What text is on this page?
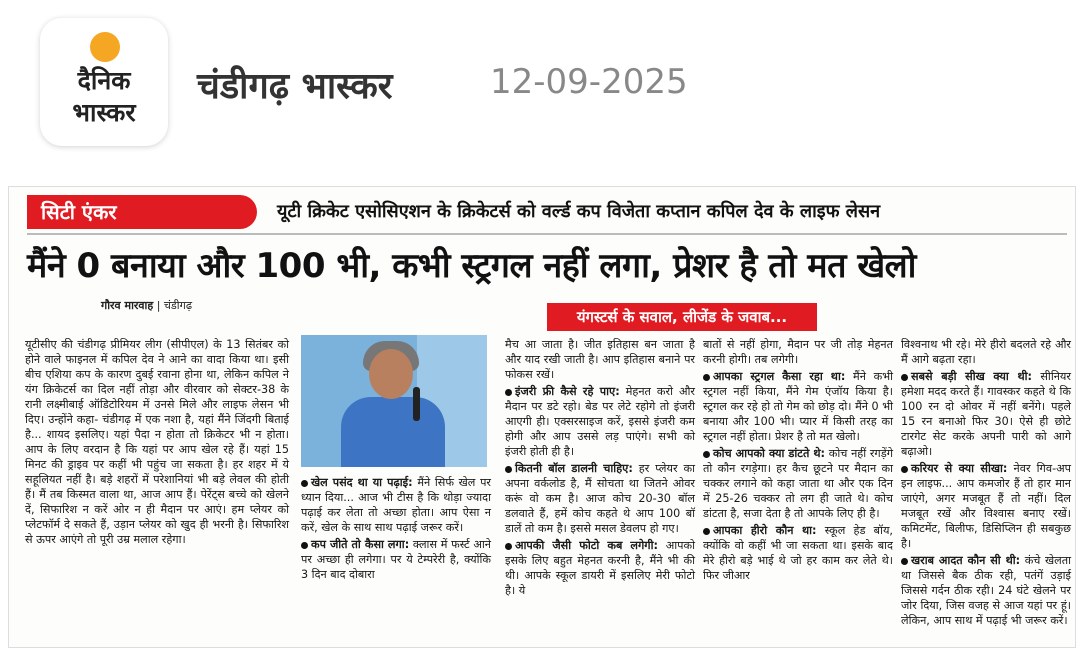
दैनिक
भास्कर
चंडीगढ़ भास्कर	12-09-2025
सिटी एंकर	यूटी क्रिकेट एसोसिएशन के क्रिकेटर्स को वर्ल्ड कप विजेता कप्तान कपिल देव के लाइफ लेसन
मैंने 0 बनाया और 100 भी, कभी स्ट्रगल नहीं लगा, प्रेशर है तो मत खेलो
गौरव मारवाह | चंडीगढ़
यंगस्टर्स के सवाल, लीजेंड के जवाब...

यूटीसीए की चंडीगढ़ प्रीमियर लीग (सीपीएल) के 13 सितंबर को होने वाले फाइनल में कपिल देव ने आने का वादा किया था। इसी बीच एशिया कप के कारण दुबई रवाना होना था, लेकिन कपिल ने यंग क्रिकेटर्स का दिल नहीं तोड़ा और वीरवार को सेक्टर-38 के रानी लक्ष्मीबाई ऑडिटोरियम में उनसे मिले और लाइफ लेसन भी दिए। उन्होंने कहा- चंडीगढ़ में एक नशा है, यहां मैंने जिंदगी बिताई है... शायद इसलिए। यहां पैदा न होता तो क्रिकेटर भी न होता। आप के लिए वरदान है कि यहां पर आप खेल रहे हैं। यहां 15 मिनट की ड्राइव पर कहीं भी पहुंच जा सकता है। हर शहर में ये सहूलियत नहीं है। बड़े शहरों में परेशानियां भी बड़े लेवल की होती हैं। मैं तब किस्मत वाला था, आज आप हैं। पेरेंट्स बच्चे को खेलने दें, सिफारिश न करें ओर न ही मैदान पर आएं। हम प्लेयर को प्लेटफॉर्म दे सकते हैं, उड़ान प्लेयर को खुद ही भरनी है। सिफारिश से ऊपर आएंगे तो पूरी उम्र मलाल रहेगा।

खेल पसंद था या पढ़ाई: मैंने सिर्फ खेल पर ध्यान दिया... आज भी टीस है कि थोड़ा ज्यादा पढ़ाई कर लेता तो अच्छा होता। आप ऐसा न करें, खेल के साथ साथ पढ़ाई जरूर करें।

कप जीते तो कैसा लगा: क्लास में फर्स्ट आने पर अच्छा ही लगेगा। पर ये टेम्परेरी है, क्योंकि 3 दिन बाद दोबारा

मैच आ जाता है। जीत इतिहास बन जाता है और याद रखी जाती है। आप इतिहास बनाने पर फोकस रखें।

इंजरी फ्री कैसे रहे पाए: मेहनत करो और मैदान पर डटे रहो। बेड पर लेटे रहोगे तो इंजरी आएगी ही। एक्सरसाइज करें, इससे इंजरी कम होगी और आप उससे लड़ पाएंगे। सभी को इंजरी होती ही है।

कितनी बॉल डालनी चाहिए: हर प्लेयर का अपना वर्कलोड है, मैं सोचता था जितने ओवर करूं वो कम है। आज कोच 20-30 बॉल डलवाते हैं, हमें कोच कहते थे आप 100 बॉ डालें तो कम है। इससे मसल डेवलप हो गए।

आपकी जैसी फोटो कब लगेगी: आपको इसके लिए बहुत मेहनत करनी है, मैंने भी की थी। आपके स्कूल डायरी में इसलिए मेरी फोटो है। ये

बातों से नहीं होगा, मैदान पर जी तोड़ मेहनत करनी होगी। तब लगेगी।

आपका स्ट्रगल कैसा रहा था: मैंने कभी स्ट्रगल नहीं किया, मैंने गेम एंजॉय किया है। स्ट्रगल कर रहे हो तो गेम को छोड़ दो। मैंने 0 भी बनाया और 100 भी। प्यार में किसी तरह का स्ट्रगल नहीं होता। प्रेशर है तो मत खेलो।

कोच आपको क्या डांटते थे: कोच नहीं रगड़ेंगे तो कौन रगड़ेगा। हर कैच छूटने पर मैदान का चक्कर लगाने को कहा जाता था और एक दिन में 25-26 चक्कर तो लग ही जाते थे। कोच डांटता है, सजा देता है तो आपके लिए ही है।

आपका हीरो कौन था: स्कूल हेड बॉय, क्योंकि वो कहीं भी जा सकता था। इसके बाद मेरे हीरो बड़े भाई थे जो हर काम कर लेते थे। फिर जीआर

विश्वनाथ भी रहे। मेरे हीरो बदलते रहे और मैं आगे बढ़ता रहा।

सबसे बड़ी सीख क्या थी: सीनियर हमेशा मदद करते हैं। गावस्कर कहते थे कि 100 रन दो ओवर में नहीं बनेंगे। पहले 15 रन बनाओ फिर 30। ऐसे ही छोटे टारगेट सेट करके अपनी पारी को आगे बढ़ाओ।

करियर से क्या सीखा: नेवर गिव-अप इन लाइफ... आप कमजोर हैं तो हार मान जाएंगे, अगर मजबूत हैं तो नहीं। दिल मजबूत रखें और विश्वास बनाए रखें। कमिटमेंट, बिलीफ, डिसिप्लिन ही सबकुछ है।

खराब आदत कौन सी थी: कंचे खेलता था जिससे बैक ठीक रही, पतंगें उड़ाई जिससे गर्दन ठीक रही। 24 घंटे खेलने पर जोर दिया, जिस वजह से आज यहां पर हूं। लेकिन, आप साथ में पढ़ाई भी जरूर करें।
